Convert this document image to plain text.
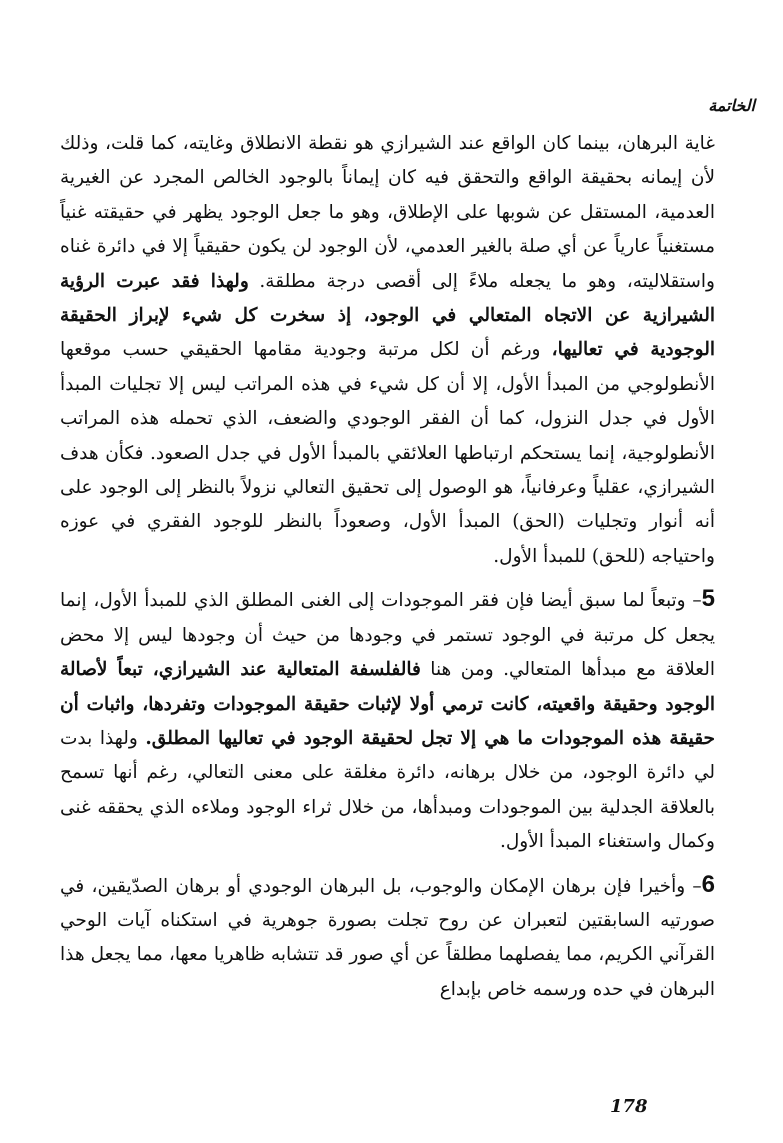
الخاتمة

غاية البرهان، بينما كان الواقع عند الشيرازي هو نقطة الانطلاق وغايته، كما قلت، وذلك لأن إيمانه بحقيقة الواقع والتحقق فيه كان إيماناً بالوجود الخالص المجرد عن الغيرية العدمية، المستقل عن شوبها على الإطلاق، وهو ما جعل الوجود يظهر في حقيقته غنياً مستغنياً عارياً عن أي صلة بالغير العدمي، لأن الوجود لن يكون حقيقياً إلا في دائرة غناه واستقلاليته، وهو ما يجعله ملاءً إلى أقصى درجة مطلقة. ولهذا فقد عبرت الرؤية الشيرازية عن الاتجاه المتعالي في الوجود، إذ سخرت كل شيء لإبراز الحقيقة الوجودية في تعاليها، ورغم أن لكل مرتبة وجودية مقامها الحقيقي حسب موقعها الأنطولوجي من المبدأ الأول، إلا أن كل شيء في هذه المراتب ليس إلا تجليات المبدأ الأول في جدل النزول، كما أن الفقر الوجودي والضعف، الذي تحمله هذه المراتب الأنطولوجية، إنما يستحكم ارتباطها العلائقي بالمبدأ الأول في جدل الصعود. فكأن هدف الشيرازي، عقلياً وعرفانياً، هو الوصول إلى تحقيق التعالي نزولاً بالنظر إلى الوجود على أنه أنوار وتجليات (الحق) المبدأ الأول، وصعوداً بالنظر للوجود الفقري في عوزه واحتياجه (للحق) للمبدأ الأول.

5– وتبعاً لما سبق أيضا فإن فقر الموجودات إلى الغنى المطلق الذي للمبدأ الأول، إنما يجعل كل مرتبة في الوجود تستمر في وجودها من حيث أن وجودها ليس إلا محض العلاقة مع مبدأها المتعالي. ومن هنا فالفلسفة المتعالية عند الشيرازي، تبعاً لأصالة الوجود وحقيقة واقعيته، كانت ترمي أولا لإثبات حقيقة الموجودات وتفردها، واثبات أن حقيقة هذه الموجودات ما هي إلا تجل لحقيقة الوجود في تعاليها المطلق. ولهذا بدت لي دائرة الوجود، من خلال برهانه، دائرة مغلقة على معنى التعالي، رغم أنها تسمح بالعلاقة الجدلية بين الموجودات ومبدأها، من خلال ثراء الوجود وملاءه الذي يحققه غنى وكمال واستغناء المبدأ الأول.

6– وأخيرا فإن برهان الإمكان والوجوب، بل البرهان الوجودي أو برهان الصدّيقين، في صورتيه السابقتين لتعبران عن روح تجلت بصورة جوهرية في استكناه آيات الوحي القرآني الكريم، مما يفصلهما مطلقاً عن أي صور قد تتشابه ظاهريا معها، مما يجعل هذا البرهان في حده ورسمه خاص بإبداع

178
